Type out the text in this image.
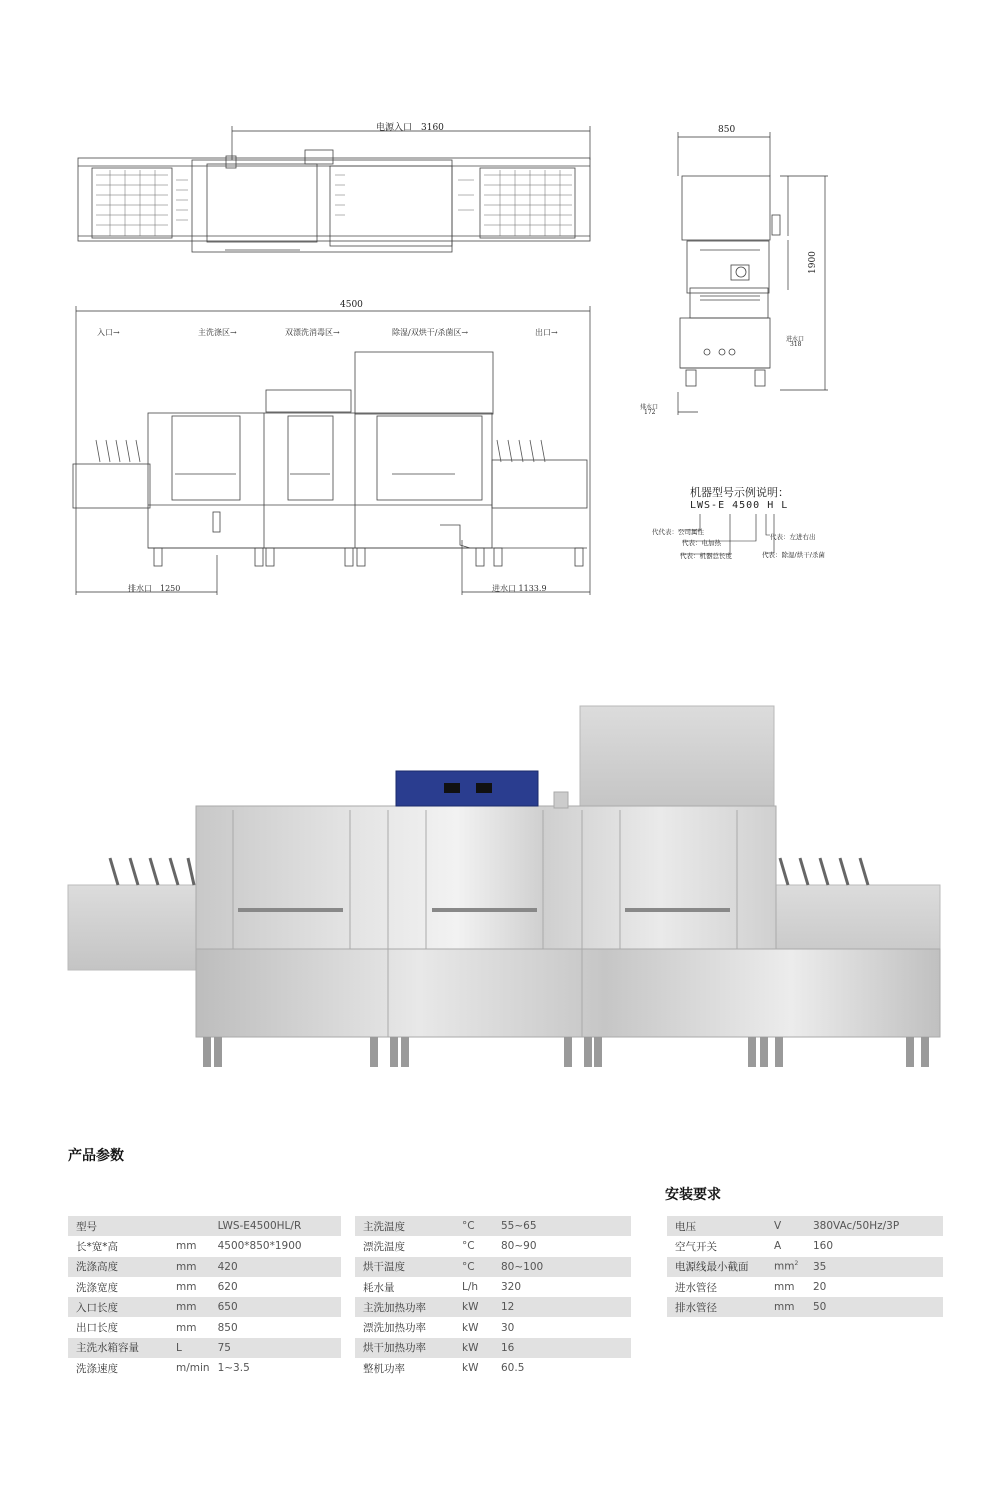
电源入口　3160	850
1900
进水口
318
排水口
172
4500
入口→	主洗涤区→	双漂洗消毒区→	除湿/双烘干/杀菌区→	出口→
排水口　1250	进水口 1133.9
机器型号示例说明：
LWS-E 4500 H L
代代表：公司属性
代表：电加热
代表：机器总长度
代表：左进右出
代表：除湿/烘干/杀菌
产品参数
型号		LWS-E4500HL/R
长*宽*高	mm	4500*850*1900
洗涤高度	mm	420
洗涤宽度	mm	620
入口长度	mm	650
出口长度	mm	850
主洗水箱容量	L	75
洗涤速度	m/min	1~3.5
主洗温度	°C	55~65
漂洗温度	°C	80~90
烘干温度	°C	80~100
耗水量	L/h	320
主洗加热功率	kW	12
漂洗加热功率	kW	30
烘干加热功率	kW	16
整机功率	kW	60.5
安装要求
电压	V	380VAc/50Hz/3P
空气开关	A	160
电源线最小截面	$mm^2$	35
进水管径	mm	20
排水管径	mm	50
